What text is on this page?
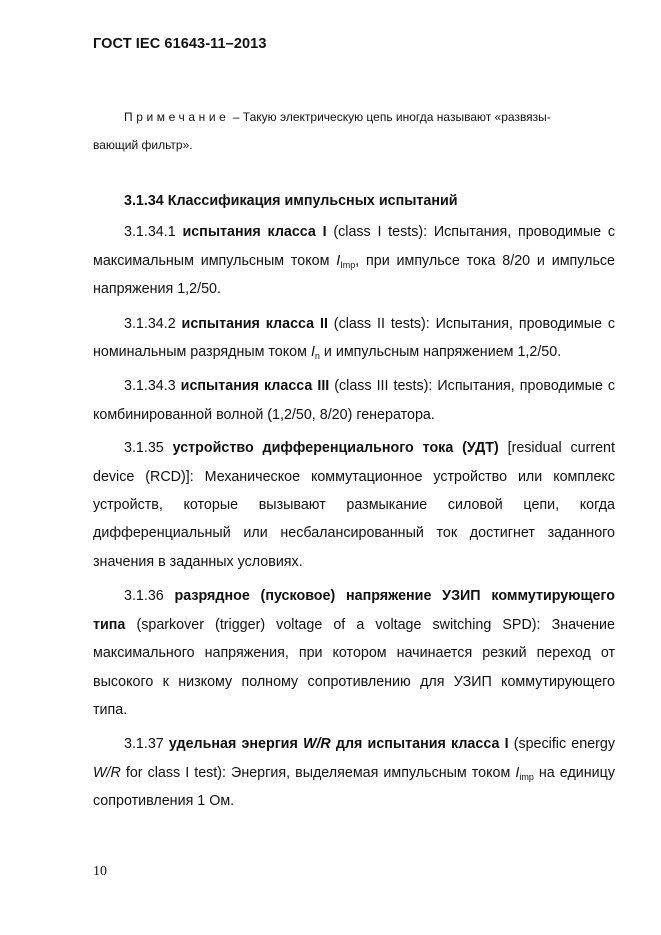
ГОСТ IEC 61643-11–2013
Примечание – Такую электрическую цепь иногда называют «развязы-
вающий фильтр».

3.1.34 Классификация импульсных испытаний

3.1.34.1 испытания класса I (class I tests): Испытания, проводимые с максимальным импульсным током $I_{Imp}$, при импульсе тока 8/20 и импульсе напряжения 1,2/50.

3.1.34.2 испытания класса II (class II tests): Испытания, проводимые с номинальным разрядным током $I_n$ и импульсным напряжением 1,2/50.

3.1.34.3 испытания класса III (class III tests): Испытания, проводимые с комбинированной волной (1,2/50, 8/20) генератора.

3.1.35 устройство дифференциального тока (УДТ) [residual current device (RCD)]: Механическое коммутационное устройство или комплекс устройств, которые вызывают размыкание силовой цепи, когда дифференциальный или несбалансированный ток достигнет заданного значения в заданных условиях.

3.1.36 разрядное (пусковое) напряжение УЗИП коммутирующего типа (sparkover (trigger) voltage of a voltage switching SPD): Значение максимального напряжения, при котором начинается резкий переход от высокого к низкому полному сопротивлению для УЗИП коммутирующего типа.

3.1.37 удельная энергия W/R для испытания класса I (specific energy W/R for class I test): Энергия, выделяемая импульсным током $I_{imp}$ на единицу сопротивления 1 Ом.

10
